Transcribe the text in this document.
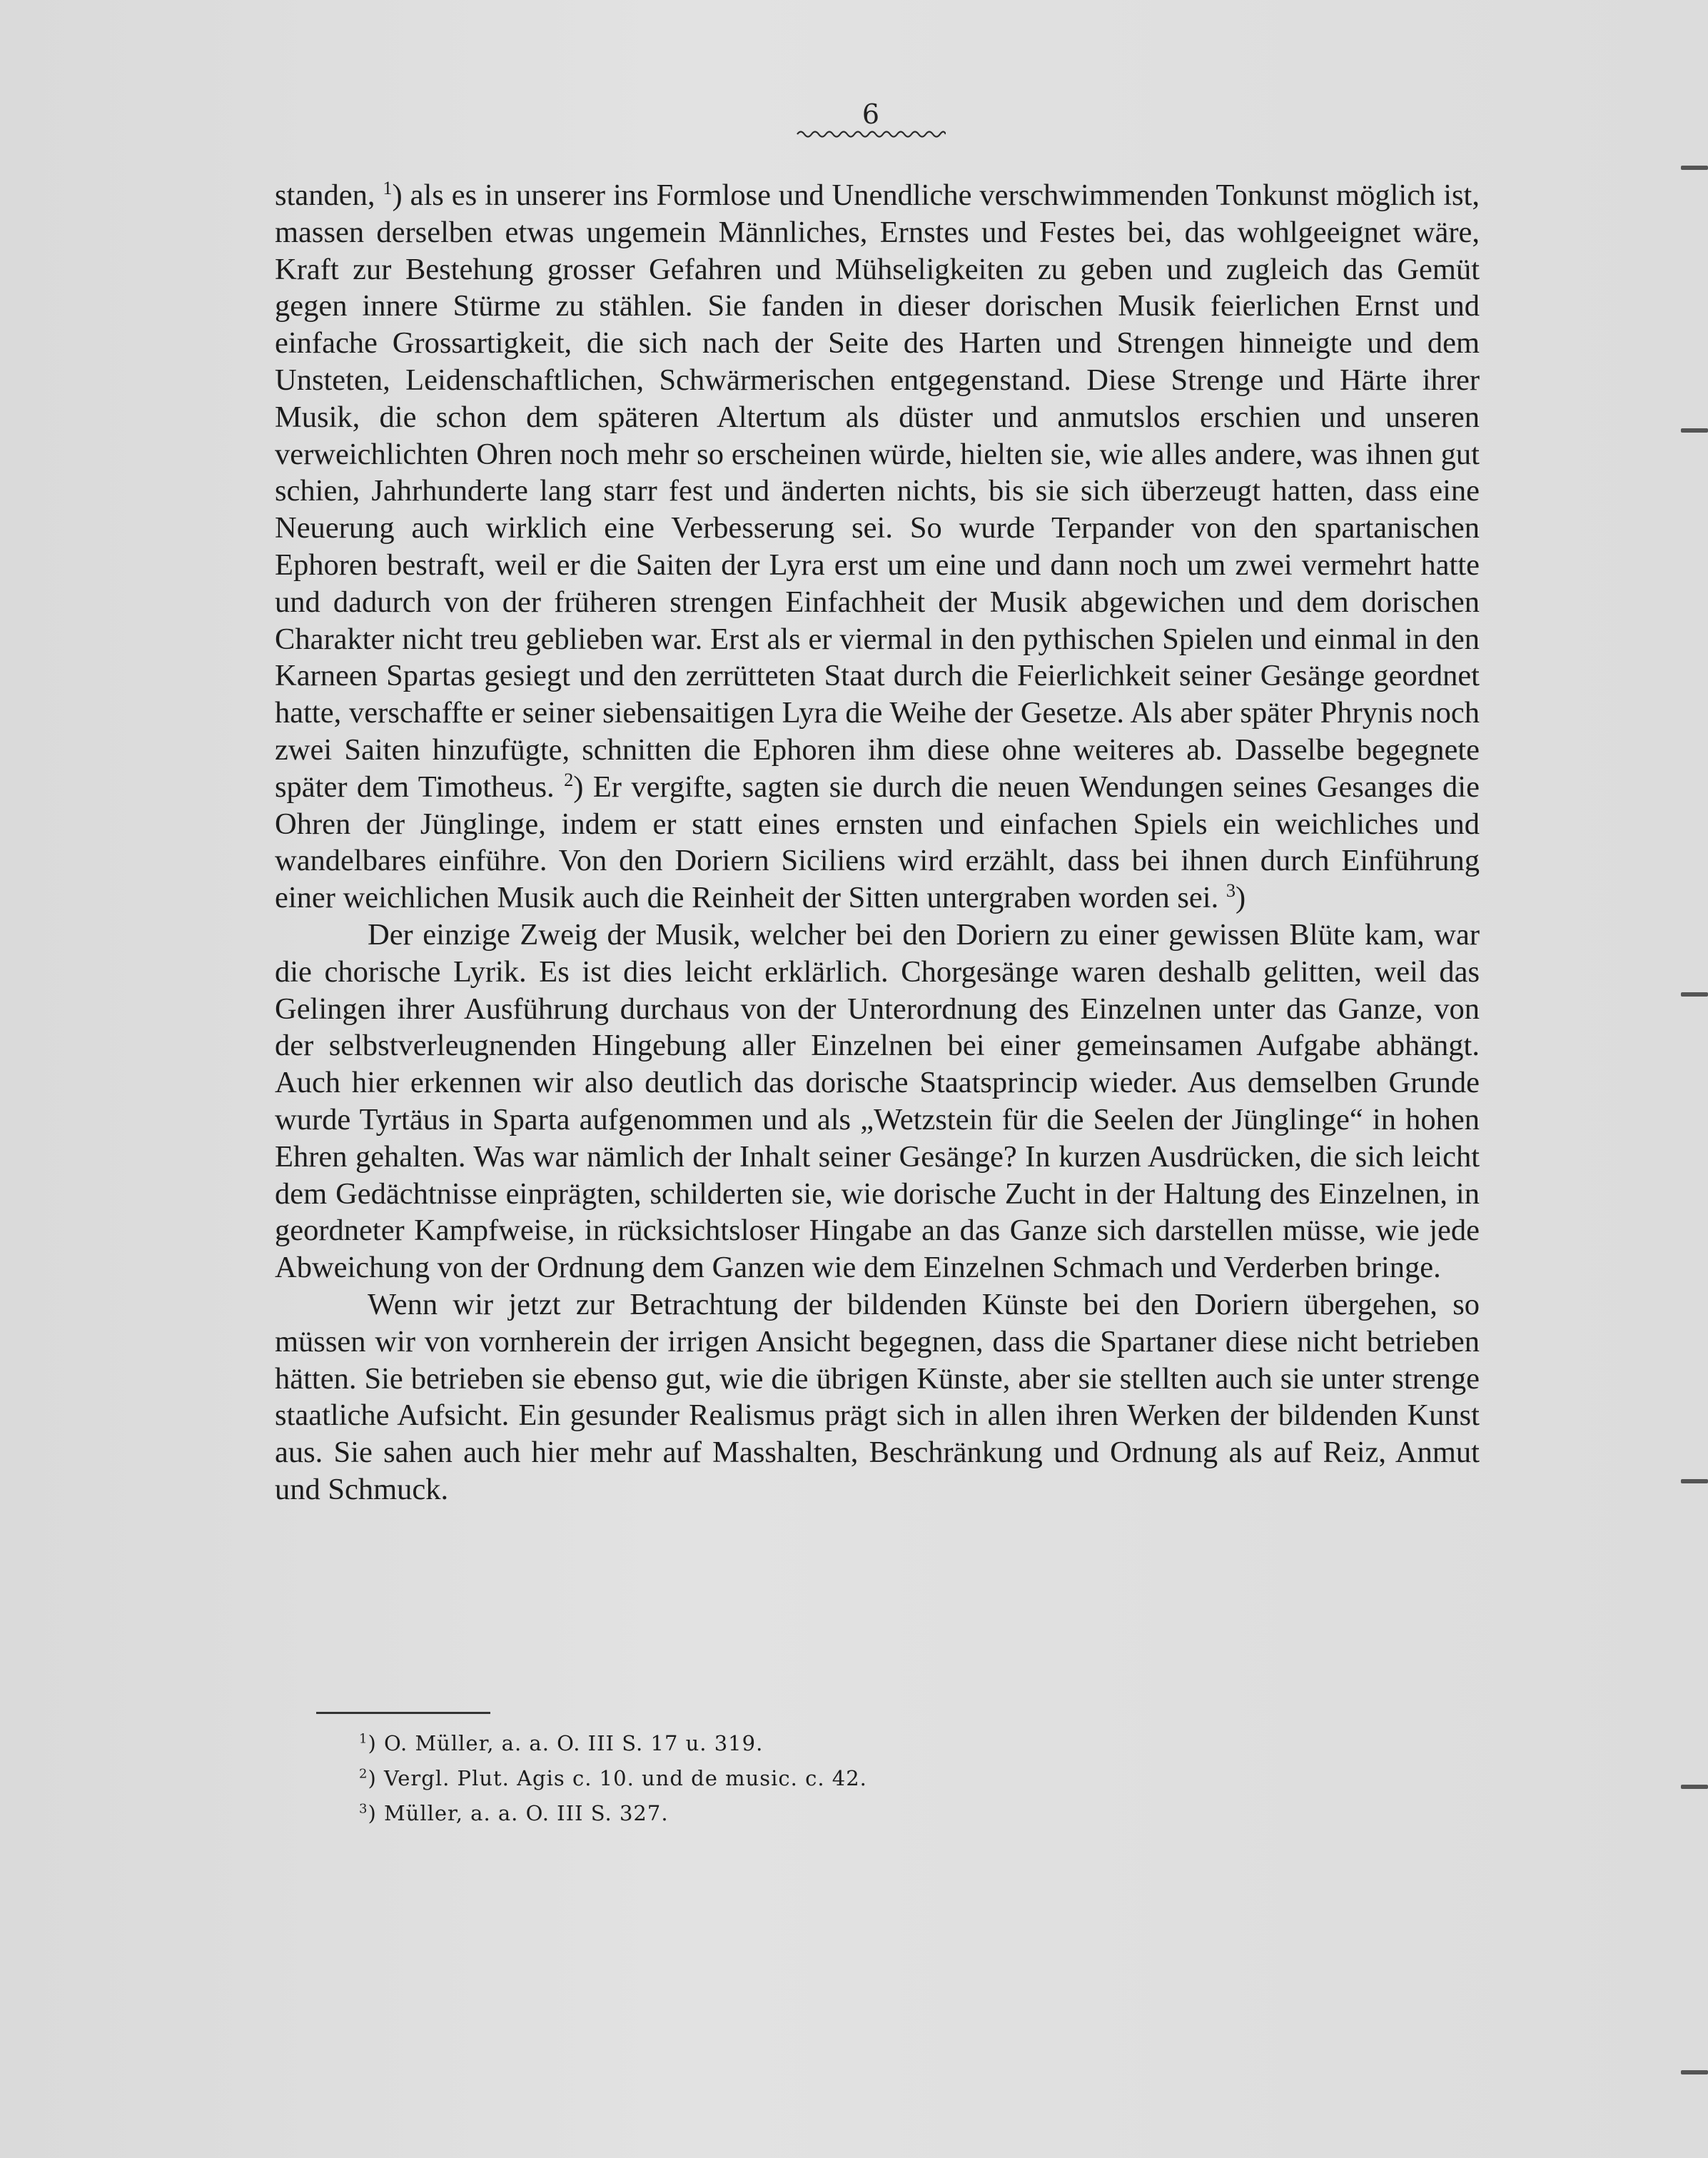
6

standen, $^1$) als es in unserer ins Formlose und Unendliche verschwimmenden Tonkunst möglich ist, massen derselben etwas ungemein Männliches, Ernstes und Festes bei, das wohlgeeignet wäre, Kraft zur Bestehung grosser Gefahren und Mühseligkeiten zu geben und zugleich das Gemüt gegen innere Stürme zu stählen. Sie fanden in dieser dorischen Musik feierlichen Ernst und einfache Grossartigkeit, die sich nach der Seite des Harten und Strengen hinneigte und dem Unsteten, Leidenschaftlichen, Schwärmerischen entgegenstand. Diese Strenge und Härte ihrer Musik, die schon dem späteren Altertum als düster und anmutslos erschien und unseren verweichlichten Ohren noch mehr so erscheinen würde, hielten sie, wie alles andere, was ihnen gut schien, Jahrhunderte lang starr fest und änderten nichts, bis sie sich überzeugt hatten, dass eine Neuerung auch wirklich eine Verbesserung sei. So wurde Terpander von den spartanischen Ephoren bestraft, weil er die Saiten der Lyra erst um eine und dann noch um zwei vermehrt hatte und dadurch von der früheren strengen Einfachheit der Musik abgewichen und dem dorischen Charakter nicht treu geblieben war. Erst als er viermal in den pythischen Spielen und einmal in den Karneen Spartas gesiegt und den zerrütteten Staat durch die Feierlichkeit seiner Gesänge geordnet hatte, verschaffte er seiner siebensaitigen Lyra die Weihe der Gesetze. Als aber später Phrynis noch zwei Saiten hinzufügte, schnitten die Ephoren ihm diese ohne weiteres ab. Dasselbe begegnete später dem Timotheus. $^2$) Er vergifte, sagten sie durch die neuen Wendungen seines Gesanges die Ohren der Jünglinge, indem er statt eines ernsten und einfachen Spiels ein weichliches und wandelbares einführe. Von den Doriern Siciliens wird erzählt, dass bei ihnen durch Einführung einer weichlichen Musik auch die Reinheit der Sitten untergraben worden sei. $^3$)

Der einzige Zweig der Musik, welcher bei den Doriern zu einer gewissen Blüte kam, war die chorische Lyrik. Es ist dies leicht erklärlich. Chorgesänge waren deshalb gelitten, weil das Gelingen ihrer Ausführung durchaus von der Unterordnung des Einzelnen unter das Ganze, von der selbstverleugnenden Hingebung aller Einzelnen bei einer gemeinsamen Aufgabe abhängt. Auch hier erkennen wir also deutlich das dorische Staatsprincip wieder. Aus demselben Grunde wurde Tyrtäus in Sparta aufgenommen und als „Wetzstein für die Seelen der Jünglinge“ in hohen Ehren gehalten. Was war nämlich der Inhalt seiner Gesänge? In kurzen Ausdrücken, die sich leicht dem Gedächtnisse einprägten, schilderten sie, wie dorische Zucht in der Haltung des Einzelnen, in geordneter Kampfweise, in rücksichtsloser Hingabe an das Ganze sich darstellen müsse, wie jede Abweichung von der Ordnung dem Ganzen wie dem Einzelnen Schmach und Verderben bringe.

Wenn wir jetzt zur Betrachtung der bildenden Künste bei den Doriern übergehen, so müssen wir von vornherein der irrigen Ansicht begegnen, dass die Spartaner diese nicht betrieben hätten. Sie betrieben sie ebenso gut, wie die übrigen Künste, aber sie stellten auch sie unter strenge staatliche Aufsicht. Ein gesunder Realismus prägt sich in allen ihren Werken der bildenden Kunst aus. Sie sahen auch hier mehr auf Masshalten, Beschränkung und Ordnung als auf Reiz, Anmut und Schmuck.

$^1$) O. Müller, a. a. O. III S. 17 u. 319.
$^2$) Vergl. Plut. Agis c. 10. und de music. c. 42.
$^3$) Müller, a. a. O. III S. 327.
